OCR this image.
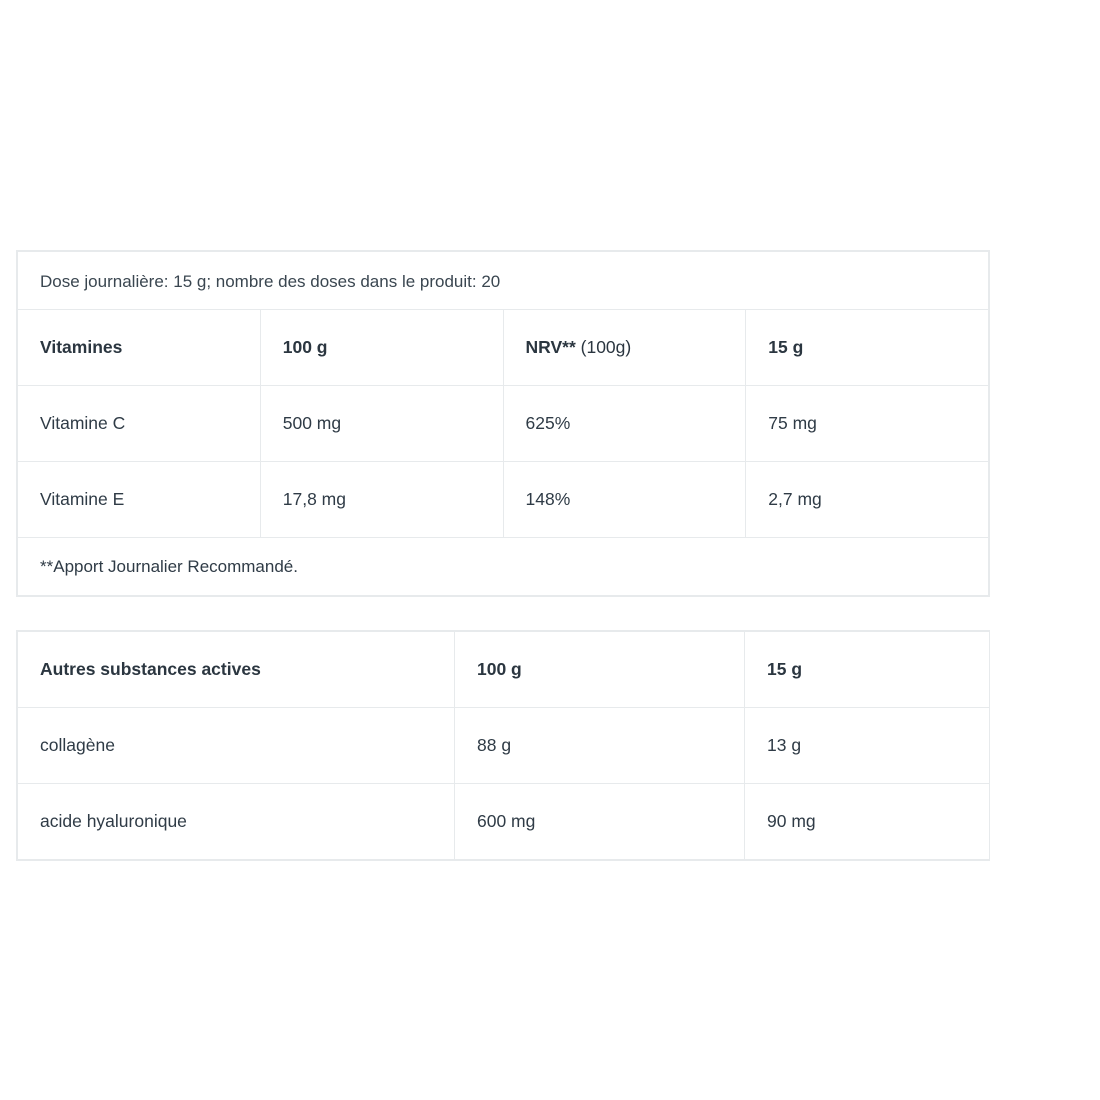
Dose journalière: 15 g; nombre des doses dans le produit: 20			
Vitamines	100 g	NRV** (100g)	15 g
Vitamine C	500 mg	625%	75 mg
Vitamine E	17,8 mg	148%	2,7 mg
**Apport Journalier Recommandé.			
Autres substances actives	100 g	15 g
collagène	88 g	13 g
acide hyaluronique	600 mg	90 mg
